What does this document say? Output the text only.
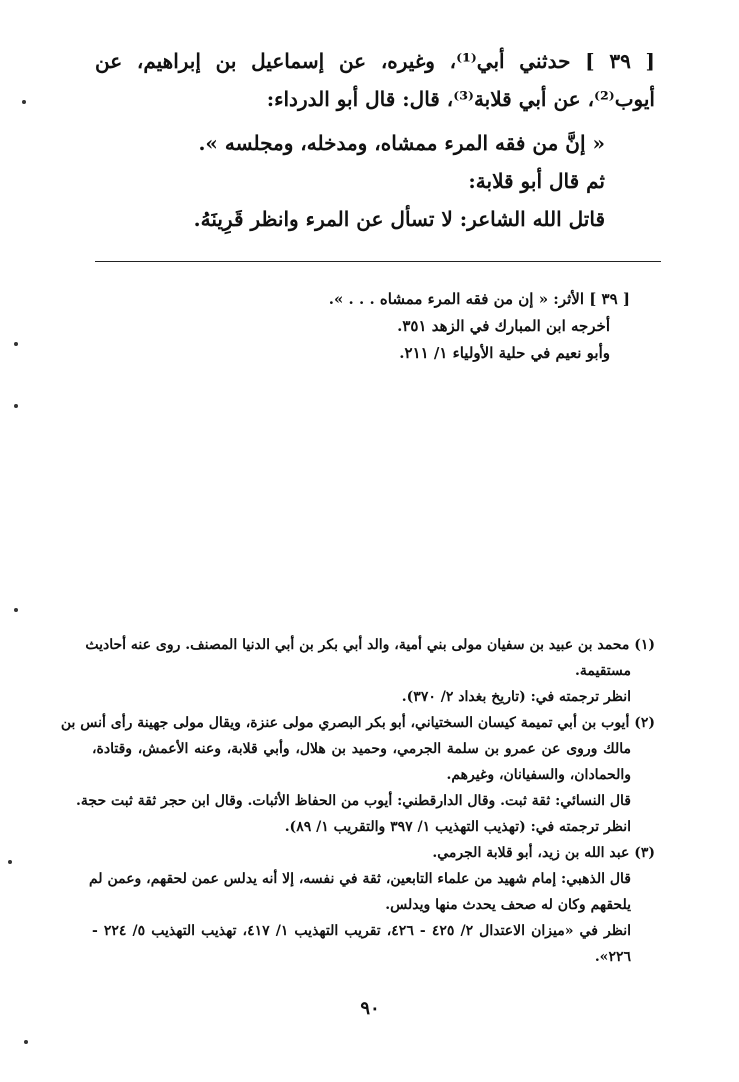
[ ٣٩ ] حدثني أبي⁽¹⁾، وغيره، عن إسماعيل بن إبراهيم، عن
أيوب⁽²⁾، عن أبي قلابة⁽³⁾، قال: قال أبو الدرداء:
« إنَّ من فقه المرء ممشاه، ومدخله، ومجلسه ».
ثم قال أبو قلابة:
قاتل الله الشاعر: لا تسأل عن المرء وانظر قَرِينَهُ.
[ ٣٩ ] الأثر: « إن من فقه المرء ممشاه . . . ».
أخرجه ابن المبارك في الزهد ٣٥١.
وأبو نعيم في حلية الأولياء ١/ ٢١١.
(١) محمد بن عبيد بن سفيان مولى بني أمية، والد أبي بكر بن أبي الدنيا المصنف. روى عنه أحاديث
مستقيمة.
انظر ترجمته في: (تاريخ بغداد ٢/ ٣٧٠).
(٢) أيوب بن أبي تميمة كيسان السختياني، أبو بكر البصري مولى عنزة، ويقال مولى جهينة رأى أنس بن
مالك وروى عن عمرو بن سلمة الجرمي، وحميد بن هلال، وأبي قلابة، وعنه الأعمش، وقتادة،
والحمادان، والسفيانان، وغيرهم.
قال النسائي: ثقة ثبت. وقال الدارقطني: أيوب من الحفاظ الأثبات. وقال ابن حجر ثقة ثبت حجة.
انظر ترجمته في: (تهذيب التهذيب ١/ ٣٩٧ والتقريب ١/ ٨٩).
(٣) عبد الله بن زيد، أبو قلابة الجرمي.
قال الذهبي: إمام شهيد من علماء التابعين، ثقة في نفسه، إلا أنه يدلس عمن لحقهم، وعمن لم
يلحقهم وكان له صحف يحدث منها ويدلس.
انظر في «ميزان الاعتدال ٢/ ٤٢٥ - ٤٢٦، تقريب التهذيب ١/ ٤١٧، تهذيب التهذيب ٥/ ٢٢٤ -
٢٢٦».
٩٠
